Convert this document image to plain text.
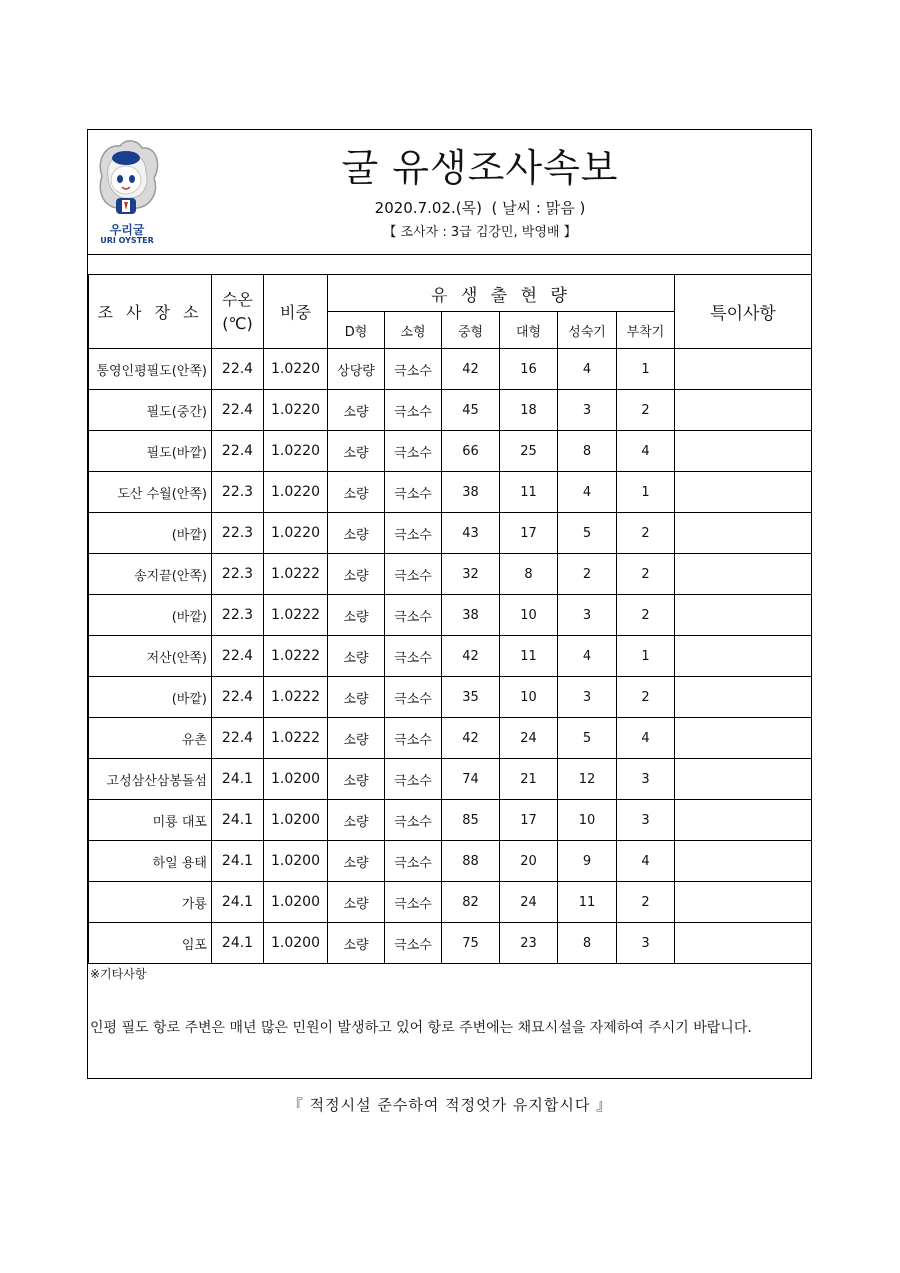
우리굴
URI OYSTER
굴 유생조사속보
2020.7.02.(목)  ( 날씨 : 맑음 )
【 조사자 : 3급 김강민, 박영배 】
조 사 장 소	수온
(℃)	비중	유 생 출 현 량						특이사항
			D형	소형	중형	대형	성숙기	부착기	
통영인평필도(안쪽)	22.4	1.0220	상당량	극소수	42	16	4	1	
필도(중간)	22.4	1.0220	소량	극소수	45	18	3	2	
필도(바깥)	22.4	1.0220	소량	극소수	66	25	8	4	
도산 수월(안쪽)	22.3	1.0220	소량	극소수	38	11	4	1	
(바깥)	22.3	1.0220	소량	극소수	43	17	5	2	
송지끝(안쪽)	22.3	1.0222	소량	극소수	32	8	2	2	
(바깥)	22.3	1.0222	소량	극소수	38	10	3	2	
저산(안쪽)	22.4	1.0222	소량	극소수	42	11	4	1	
(바깥)	22.4	1.0222	소량	극소수	35	10	3	2	
유촌	22.4	1.0222	소량	극소수	42	24	5	4	
고성삼산삼봉돌섬	24.1	1.0200	소량	극소수	74	21	12	3	
미룡 대포	24.1	1.0200	소량	극소수	85	17	10	3	
하일 용태	24.1	1.0200	소량	극소수	88	20	9	4	
가룡	24.1	1.0200	소량	극소수	82	24	11	2	
임포	24.1	1.0200	소량	극소수	75	23	8	3	
※기타사항
인평 필도 항로 주변은 매년 많은 민원이 발생하고 있어 항로 주변에는 채묘시설을 자제하여 주시기 바랍니다.
『 적정시설 준수하여 적정엇가 유지합시다 』
